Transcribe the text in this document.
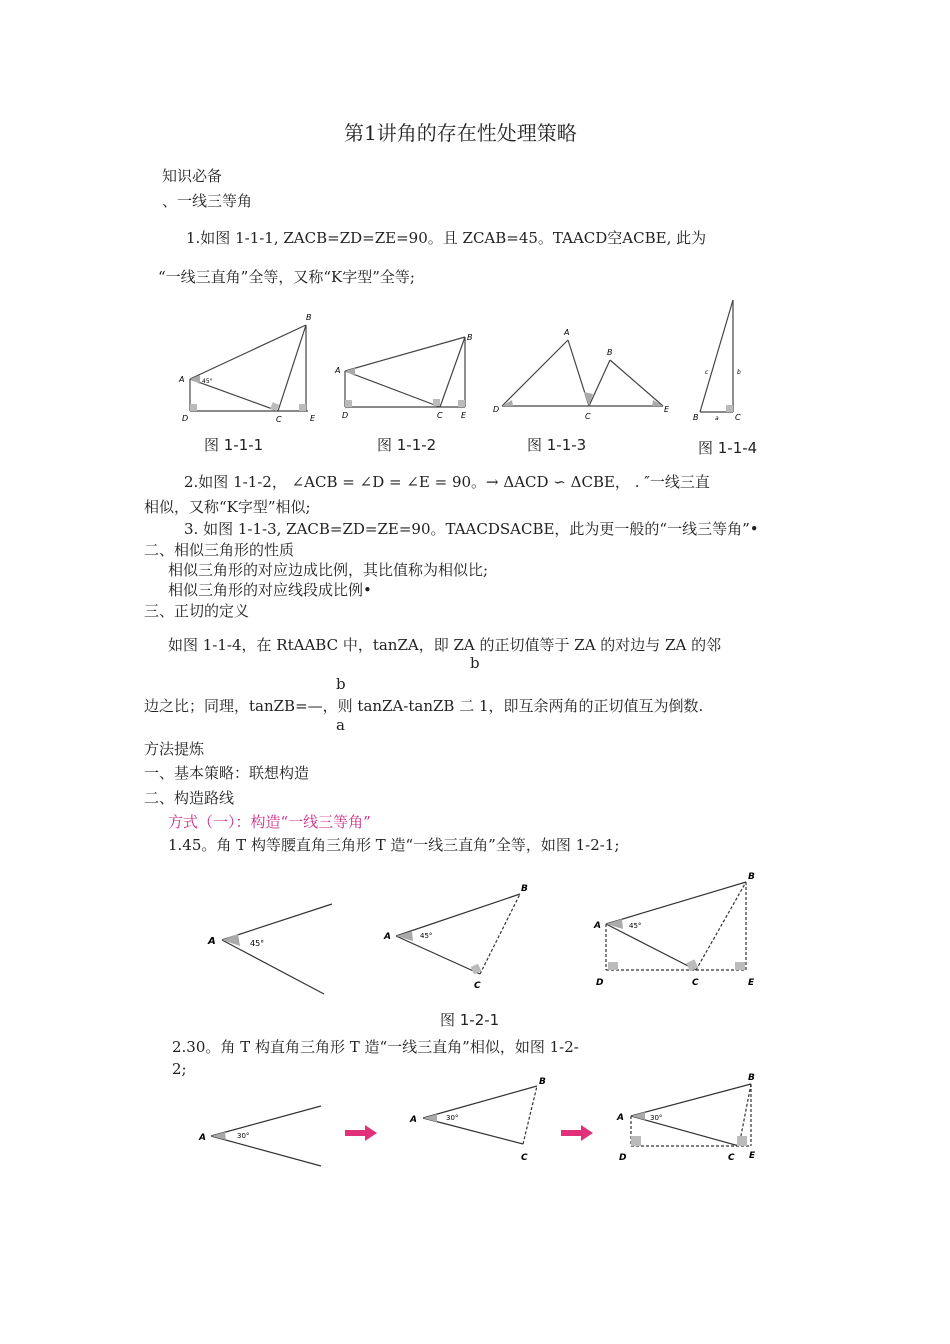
第1讲角的存在性处理策略
知识必备
、一线三等角
1.如图 1-1-1, ZACB=ZD=ZE=90。且 ZCAB=45。TAACD空ACBE, 此为
“一线三直角”全等，又称“K字型”全等;
A
B
C
D	E
45°
A
B
C
D	E
A
B
C
D	E
B	C
c	b
a
图 1-1-1	图 1-1-2	图 1-1-3	图 1-1-4
2.如图 1-1-2， ∠ACB = ∠D = ∠E = 90。→ ΔACD ∽ ΔCBE， . ″一线三直
相似，又称“K字型”相似;
3. 如图 1-1-3, ZACB=ZD=ZE=90。TAACDSACBE，此为更一般的“一线三等角”•
二、相似三角形的性质
相似三角形的对应边成比例，其比值称为相似比;
相似三角形的对应线段成比例•
三、正切的定义
如图 1-1-4，在 RtAABC 中，tanZA，即 ZA 的正切值等于 ZA 的对边与 ZA 的邻
b
b
边之比；同理，tanZB=—，则 tanZA-tanZB 二 1，即互余两角的正切值互为倒数.
a
方法提炼
一、基本策略：联想构造
二、构造路线
方式（一）：构造“一线三等角”
1.45。角 T 构等腰直角三角形 T 造“一线三直角”全等，如图 1-2-1;
A	45°
A
B
C
45°
A
B
C
D	E
45°
图 1-2-1
2.30。角 T 构直角三角形 T 造“一线三直角”相似，如图 1-2-
2;
A	30°
A
B
C
30°	A
B
C
D	E
30°
